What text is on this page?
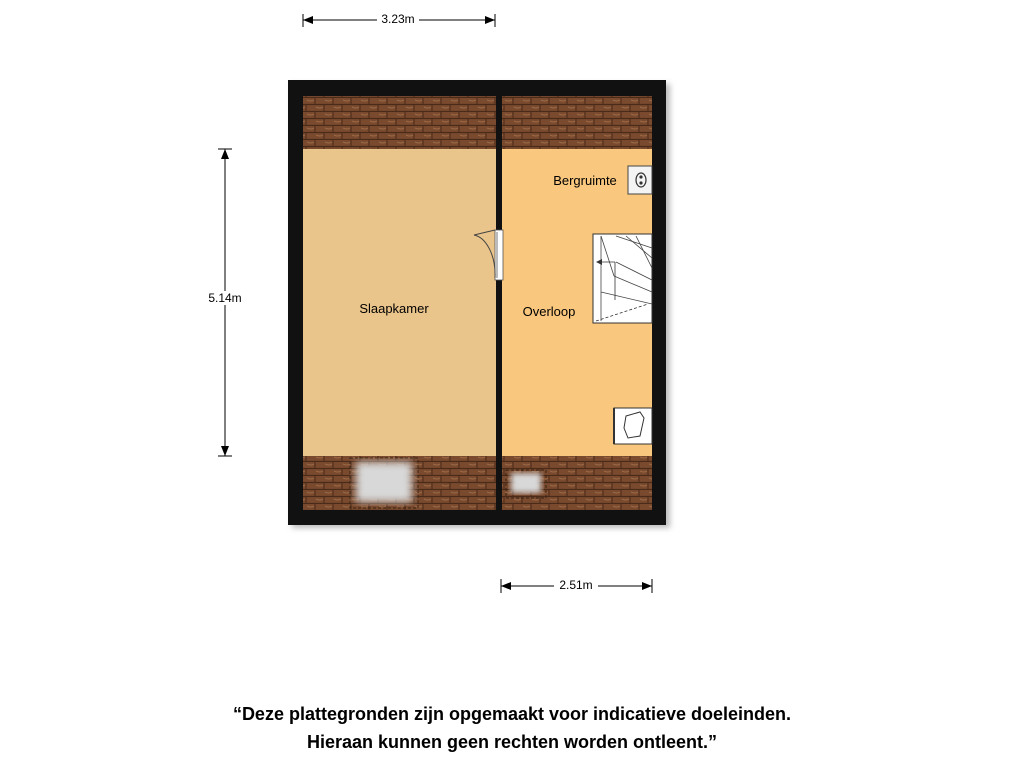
3.23m
5.14m
2.51m
Slaapkamer	Overloop
Bergruimte
“Deze plattegronden zijn opgemaakt voor indicatieve doeleinden.
Hieraan kunnen geen rechten worden ontleent.”
